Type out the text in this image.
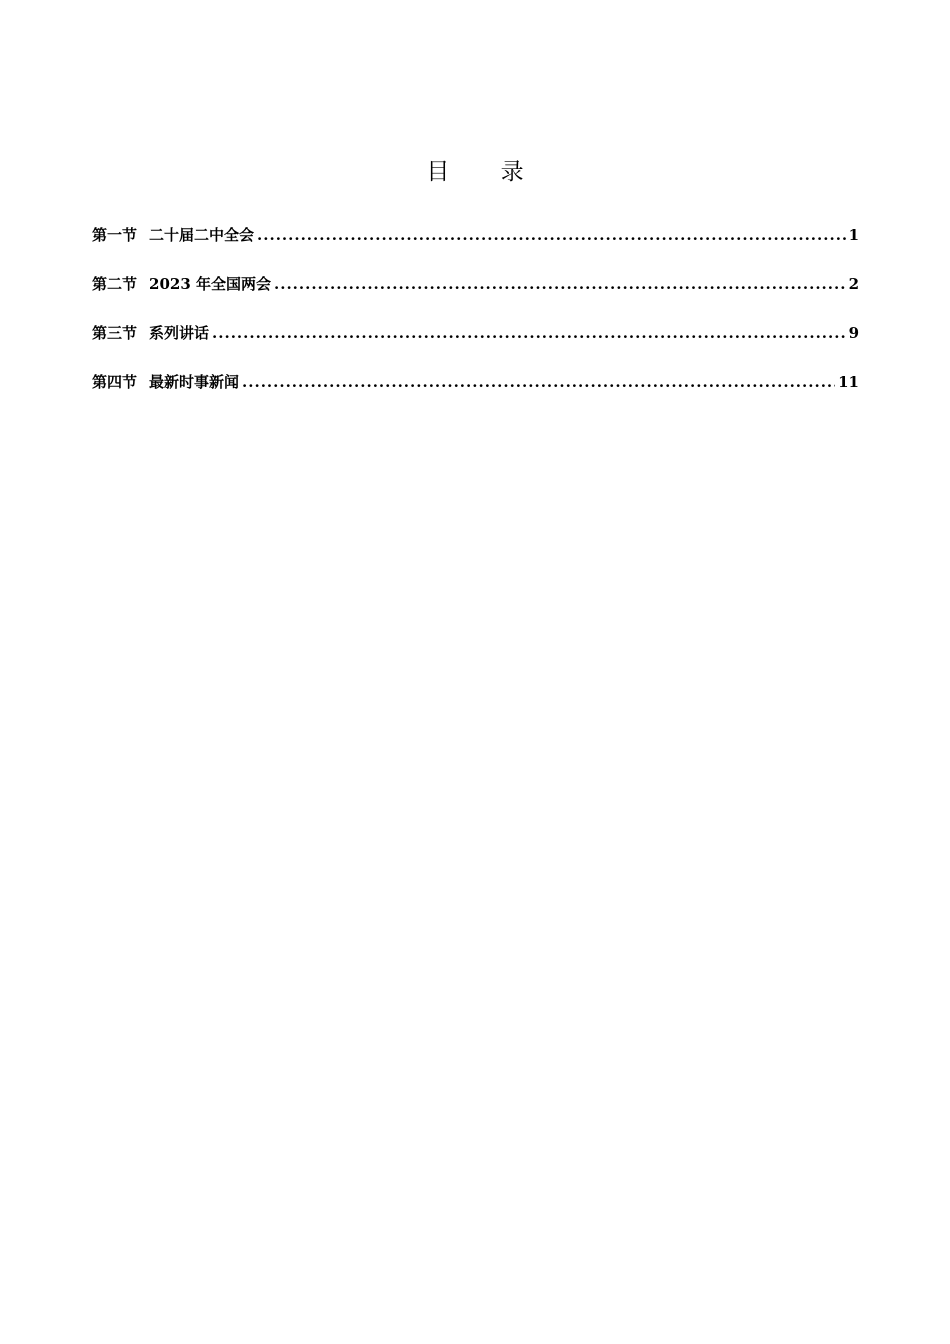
目 录
第一节 二十届二中全会 .....	1
第二节 2023 年全国两会 .....	2
第三节 系列讲话 .....	9
第四节 最新时事新闻 .....	11
